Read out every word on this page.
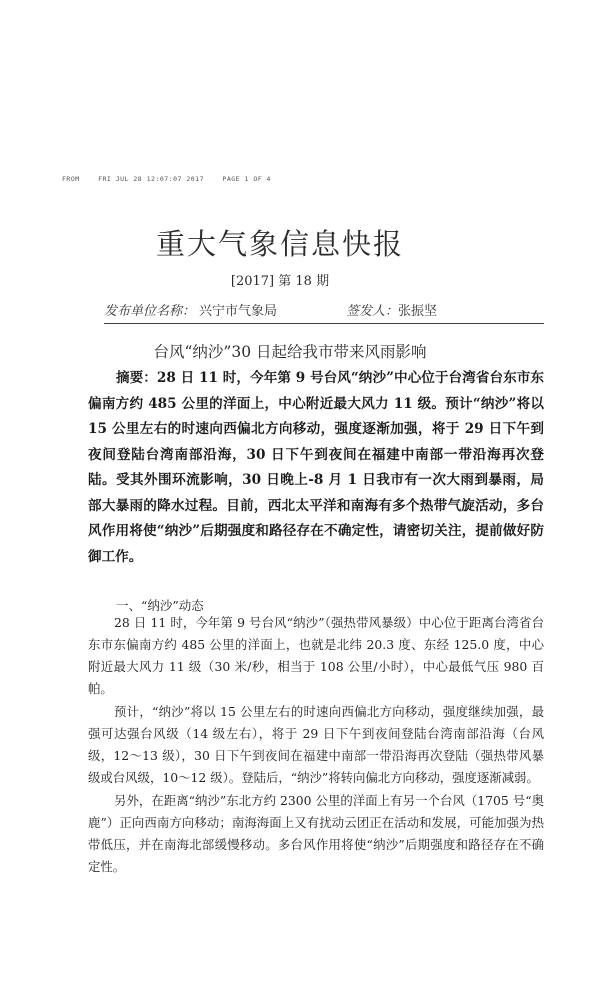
FROM	FRI JUL 28 12:07:07 2017	PAGE 1 OF 4
重大气象信息快报
[2017] 第 18 期
发布单位名称： 兴宁市气象局	签发人：张振坚
台风“纳沙”30 日起给我市带来风雨影响

摘要：28 日 11 时，今年第 9 号台风“纳沙”中心位于台湾省台东市东偏南方约 485 公里的洋面上，中心附近最大风力 11 级。预计“纳沙”将以 15 公里左右的时速向西偏北方向移动，强度逐渐加强，将于 29 日下午到夜间登陆台湾南部沿海，30 日下午到夜间在福建中南部一带沿海再次登陆。受其外围环流影响，30 日晚上-8 月 1 日我市有一次大雨到暴雨，局部大暴雨的降水过程。目前，西北太平洋和南海有多个热带气旋活动，多台风作用将使“纳沙”后期强度和路径存在不确定性，请密切关注，提前做好防御工作。

一、“纳沙”动态

28 日 11 时，今年第 9 号台风“纳沙”（强热带风暴级）中心位于距离台湾省台东市东偏南方约 485 公里的洋面上，也就是北纬 20.3 度、东经 125.0 度，中心附近最大风力 11 级（30 米/秒，相当于 108 公里/小时），中心最低气压 980 百帕。

预计，“纳沙”将以 15 公里左右的时速向西偏北方向移动，强度继续加强，最强可达强台风级（14 级左右），将于 29 日下午到夜间登陆台湾南部沿海（台风级，12～13 级），30 日下午到夜间在福建中南部一带沿海再次登陆（强热带风暴级或台风级，10～12 级）。登陆后，“纳沙”将转向偏北方向移动，强度逐渐减弱。

另外，在距离“纳沙”东北方约 2300 公里的洋面上有另一个台风（1705 号“奥鹿”）正向西南方向移动；南海海面上又有扰动云团正在活动和发展，可能加强为热带低压，并在南海北部缓慢移动。多台风作用将使“纳沙”后期强度和路径存在不确定性。
